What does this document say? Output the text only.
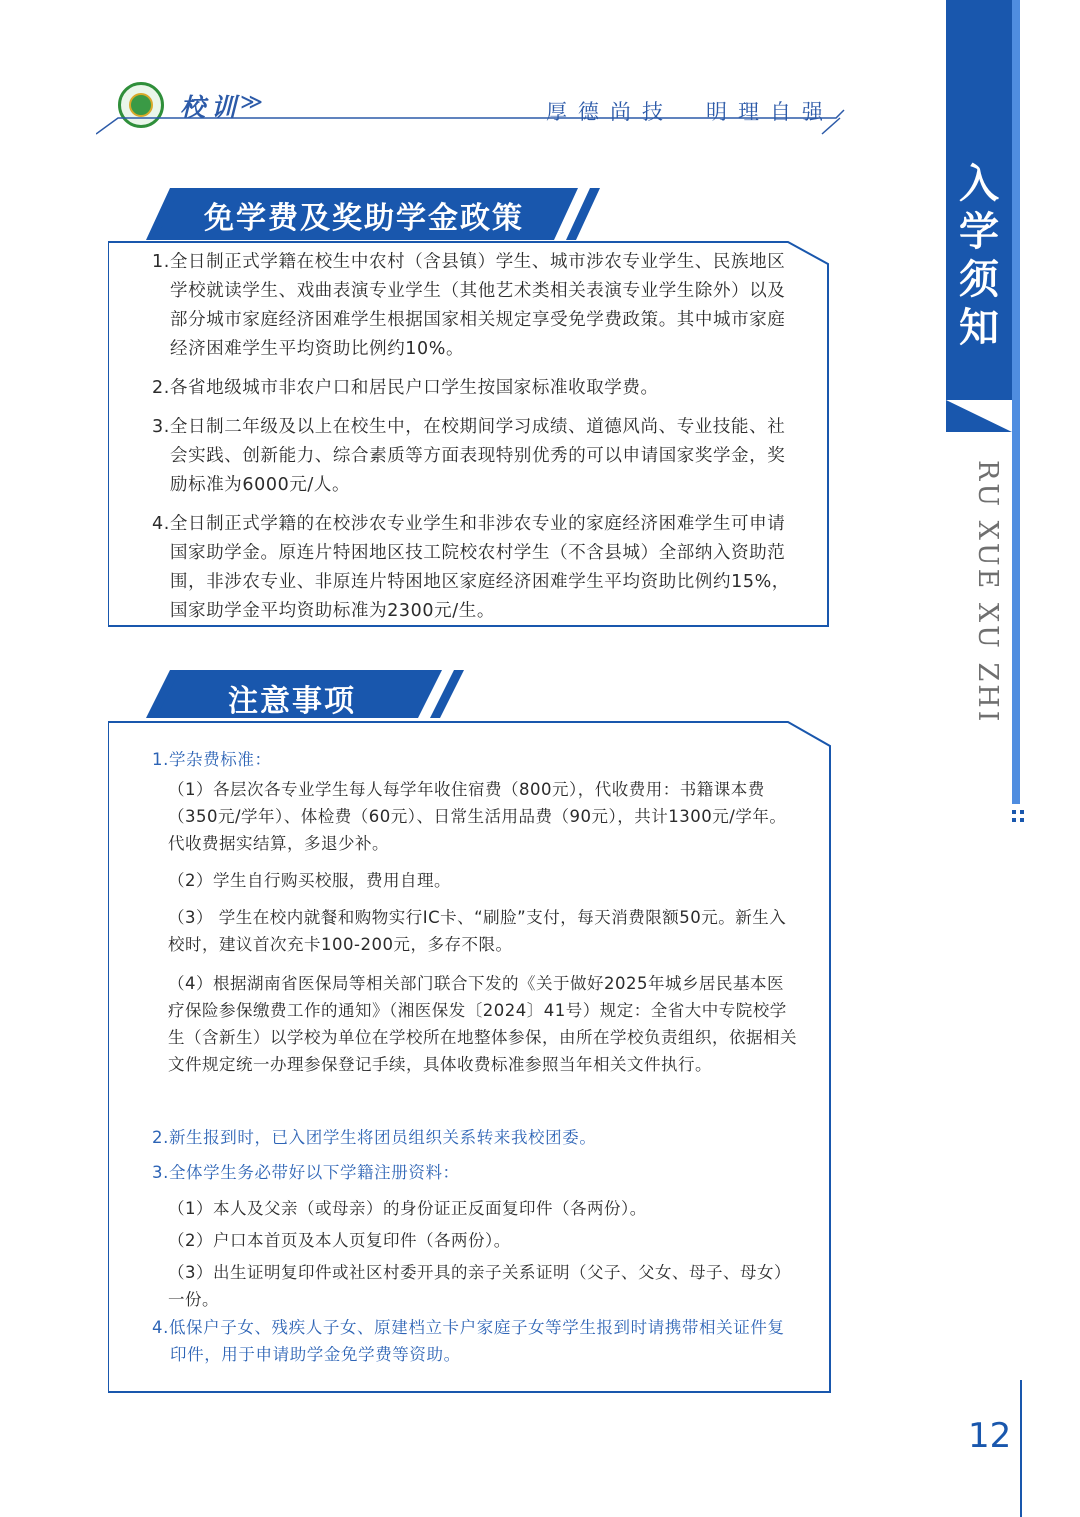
校训
≫	厚德尚技　明理自强
入
学
须
知
RU XUE XU ZHI
免学费及奖助学金政策
1.全日制正式学籍在校生中农村（含县镇）学生、城市涉农专业学生、民族地区学校就读学生、戏曲表演专业学生（其他艺术类相关表演专业学生除外）以及部分城市家庭经济困难学生根据国家相关规定享受免学费政策。其中城市家庭经济困难学生平均资助比例约10%。
2.各省地级城市非农户口和居民户口学生按国家标准收取学费。
3.全日制二年级及以上在校生中，在校期间学习成绩、道德风尚、专业技能、社会实践、创新能力、综合素质等方面表现特别优秀的可以申请国家奖学金，奖励标准为6000元/人。
4.全日制正式学籍的在校涉农专业学生和非涉农专业的家庭经济困难学生可申请国家助学金。原连片特困地区技工院校农村学生（不含县城）全部纳入资助范围，非涉农专业、非原连片特困地区家庭经济困难学生平均资助比例约15%，国家助学金平均资助标准为2300元/生。
注意事项
1.学杂费标准：
（1）各层次各专业学生每人每学年收住宿费（800元），代收费用：书籍课本费（350元/学年）、体检费（60元）、日常生活用品费（90元），共计1300元/学年。代收费据实结算，多退少补。
（2）学生自行购买校服，费用自理。
（3） 学生在校内就餐和购物实行IC卡、“刷脸”支付，每天消费限额50元。新生入校时，建议首次充卡100-200元，多存不限。
（4）根据湖南省医保局等相关部门联合下发的《关于做好2025年城乡居民基本医疗保险参保缴费工作的通知》（湘医保发〔2024〕41号）规定：全省大中专院校学生（含新生）以学校为单位在学校所在地整体参保，由所在学校负责组织，依据相关文件规定统一办理参保登记手续，具体收费标准参照当年相关文件执行。
2.新生报到时，已入团学生将团员组织关系转来我校团委。
3.全体学生务必带好以下学籍注册资料：
（1）本人及父亲（或母亲）的身份证正反面复印件（各两份）。
（2）户口本首页及本人页复印件（各两份）。
（3）出生证明复印件或社区村委开具的亲子关系证明（父子、父女、母子、母女）一份。
4.低保户子女、残疾人子女、原建档立卡户家庭子女等学生报到时请携带相关证件复印件，用于申请助学金免学费等资助。
12
